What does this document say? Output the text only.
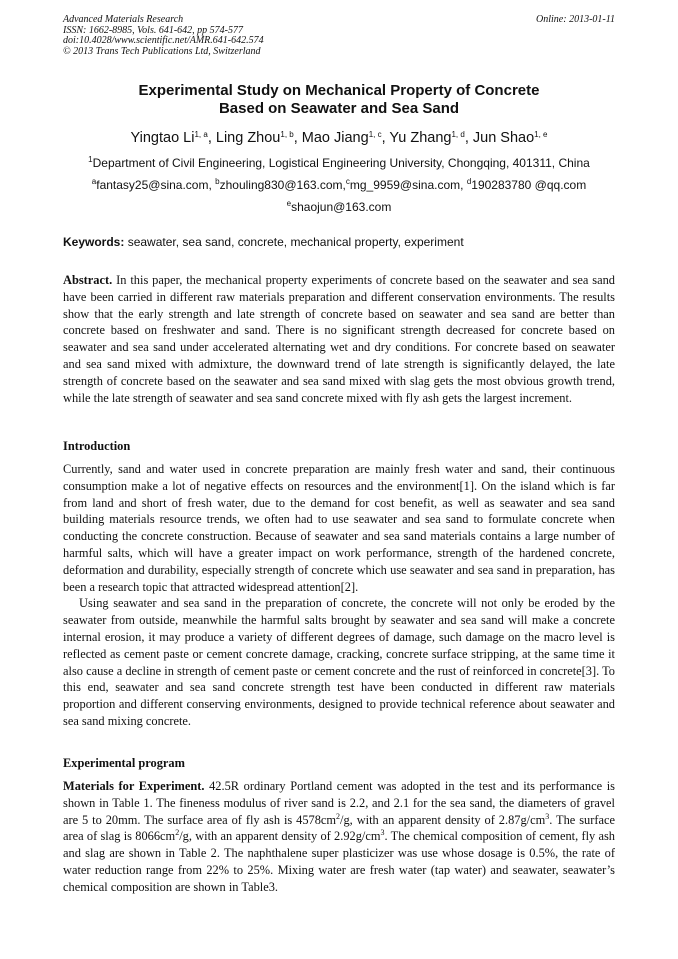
Advanced Materials Research
ISSN: 1662-8985, Vols. 641-642, pp 574-577
doi:10.4028/www.scientific.net/AMR.641-642.574
© 2013 Trans Tech Publications Ltd, Switzerland
Online: 2013-01-11
Experimental Study on Mechanical Property of Concrete
Based on Seawater and Sea Sand
Yingtao Li$^{1, a}$, Ling Zhou$^{1, b}$, Mao Jiang$^{1, c}$, Yu Zhang$^{1, d}$, Jun Shao$^{1, e}$
$^1$Department of Civil Engineering, Logistical Engineering University, Chongqing, 401311, China
$^a$fantasy25@sina.com, $^b$zhouling830@163.com,$^c$mg_9959@sina.com, $^d$190283780 @qq.com
$^e$shaojun@163.com
Keywords: seawater, sea sand, concrete, mechanical property, experiment
Abstract. In this paper, the mechanical property experiments of concrete based on the seawater and sea sand have been carried in different raw materials preparation and different conservation environments. The results show that the early strength and late strength of concrete based on seawater and sea sand are better than concrete based on freshwater and sand. There is no significant strength decreased for concrete based on seawater and sea sand under accelerated alternating wet and dry conditions. For concrete based on seawater and sea sand mixed with admixture, the downward trend of late strength is significantly delayed, the late strength of concrete based on the seawater and sea sand mixed with slag gets the most obvious growth trend, while the late strength of seawater and sea sand concrete mixed with fly ash gets the largest increment.
Introduction

Currently, sand and water used in concrete preparation are mainly fresh water and sand, their continuous consumption make a lot of negative effects on resources and the environment[1]. On the island which is far from land and short of fresh water, due to the demand for cost benefit, as well as seawater and sea sand building materials resource trends, we often had to use seawater and sea sand to formulate concrete when conducting the concrete construction. Because of seawater and sea sand materials contains a large number of harmful salts, which will have a greater impact on work performance, strength of the hardened concrete, deformation and durability, especially strength of concrete which use seawater and sea sand in preparation, has been a research topic that attracted widespread attention[2].

Using seawater and sea sand in the preparation of concrete, the concrete will not only be eroded by the seawater from outside, meanwhile the harmful salts brought by seawater and sea sand will make a concrete internal erosion, it may produce a variety of different degrees of damage, such damage on the macro level is reflected as cement paste or cement concrete damage, cracking, concrete surface stripping, at the same time it also cause a decline in strength of cement paste or cement concrete and the rust of reinforced in concrete[3]. To this end, seawater and sea sand concrete strength test have been conducted in different raw materials proportion and different conserving environments, designed to provide technical reference about seawater and sea sand mixing concrete.

Experimental program
Materials for Experiment. 42.5R ordinary Portland cement was adopted in the test and its performance is shown in Table 1. The fineness modulus of river sand is 2.2, and 2.1 for the sea sand, the diameters of gravel are 5 to 20mm. The surface area of fly ash is $4578cm^2/g$, with an apparent density of $2.87g/cm^3$. The surface area of slag is $8066cm^2/g$, with an apparent density of $2.92g/cm^3$. The chemical composition of cement, fly ash and slag are shown in Table 2. The naphthalene super plasticizer was use whose dosage is 0.5%, the rate of water reduction range from 22% to 25%. Mixing water are fresh water (tap water) and seawater, seawater’s chemical composition are shown in Table3.
